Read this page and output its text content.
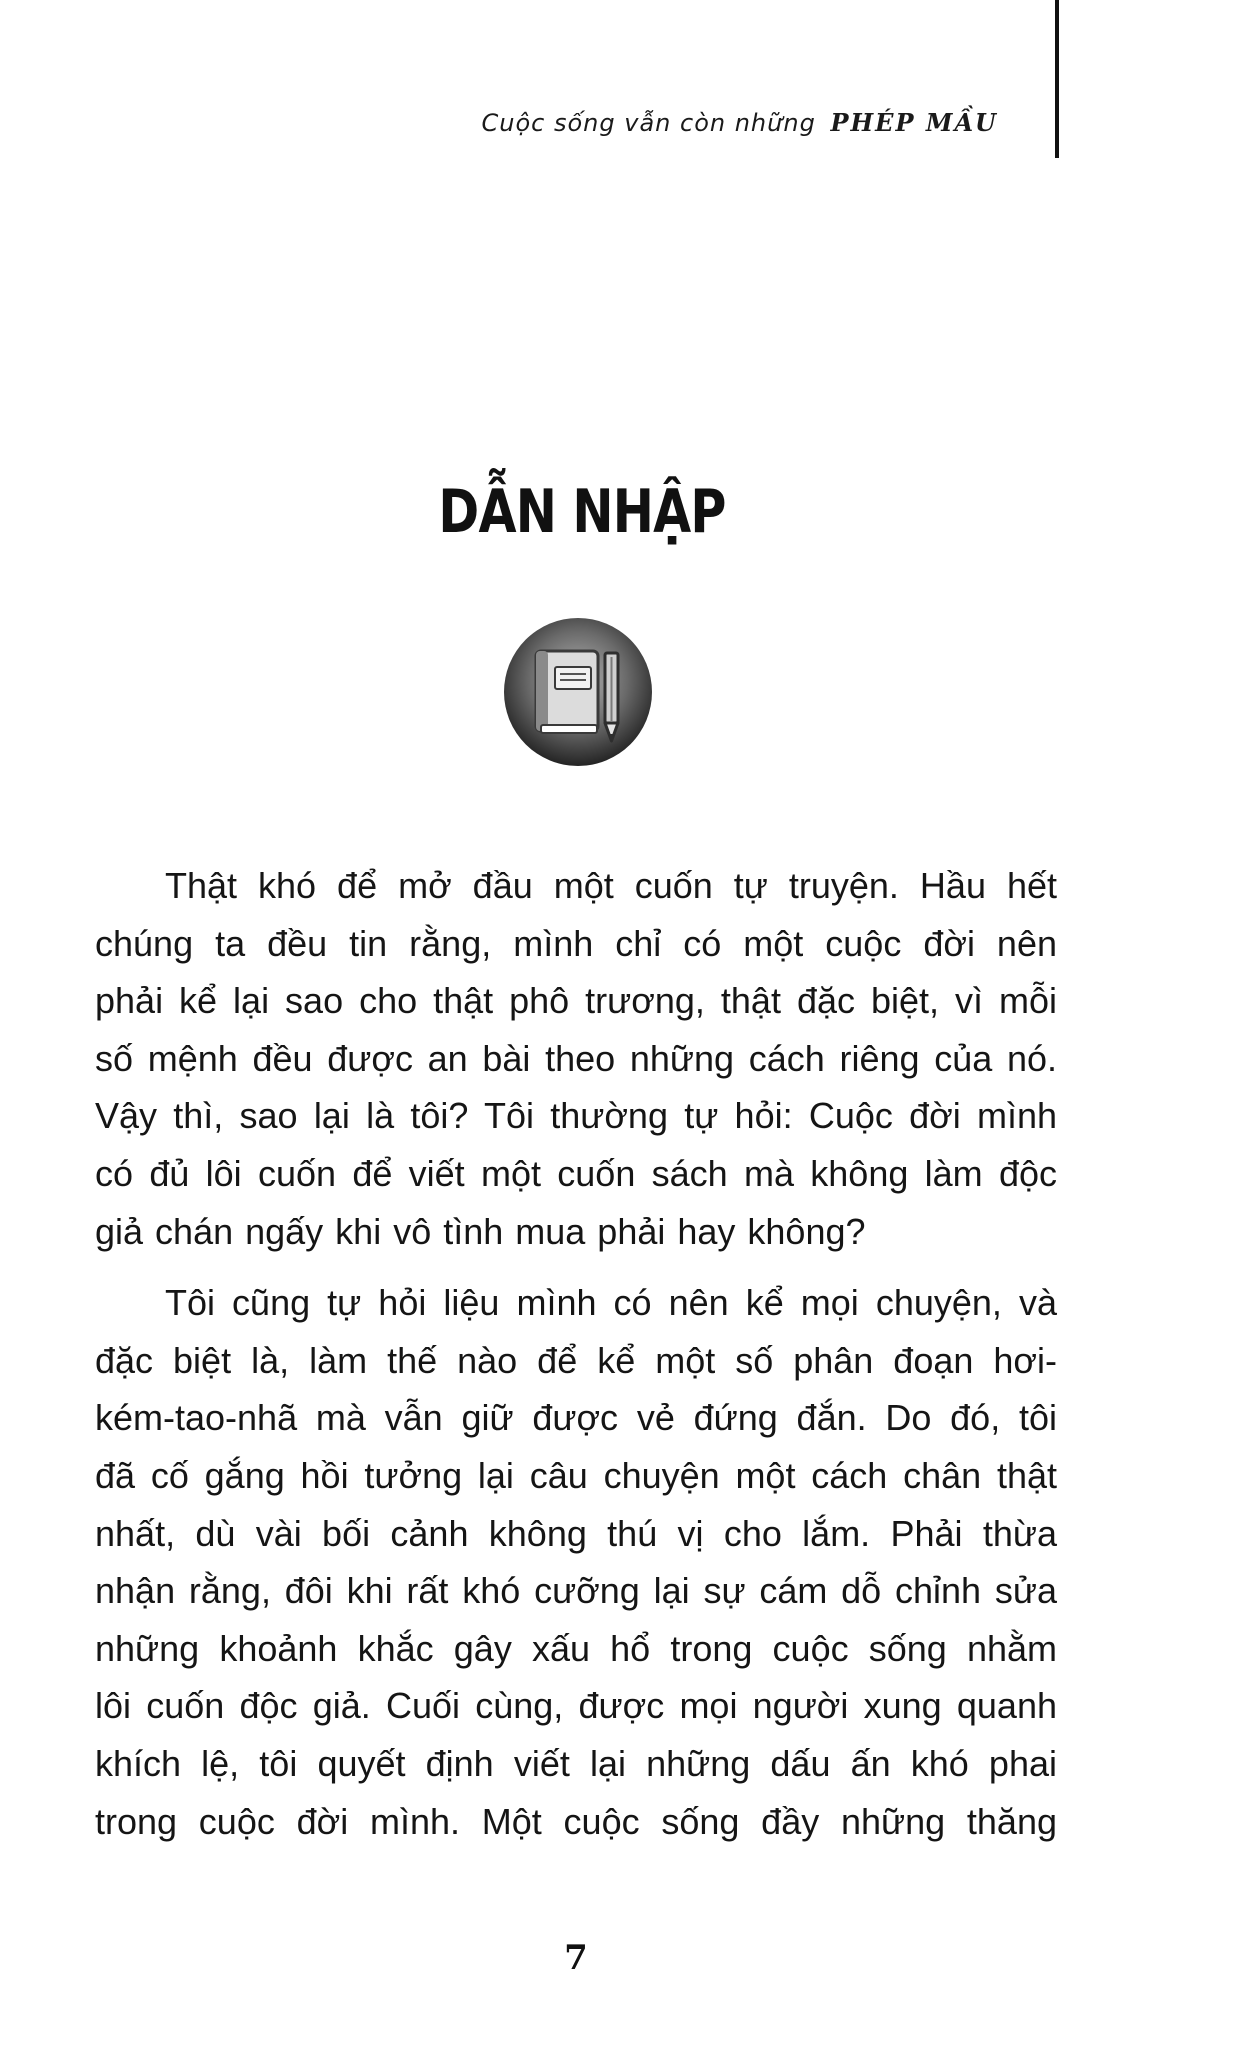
Cuộc sống vẫn còn những PHÉP MẦU
DẪN NHẬP
Thật khó để mở đầu một cuốn tự truyện. Hầu hết
chúng ta đều tin rằng, mình chỉ có một cuộc đời nên
phải kể lại sao cho thật phô trương, thật đặc biệt, vì mỗi
số mệnh đều được an bài theo những cách riêng của nó.
Vậy thì, sao lại là tôi? Tôi thường tự hỏi: Cuộc đời mình
có đủ lôi cuốn để viết một cuốn sách mà không làm độc
giả chán ngấy khi vô tình mua phải hay không?
Tôi cũng tự hỏi liệu mình có nên kể mọi chuyện, và
đặc biệt là, làm thế nào để kể một số phân đoạn hơi-
kém-tao-nhã mà vẫn giữ được vẻ đứng đắn. Do đó, tôi
đã cố gắng hồi tưởng lại câu chuyện một cách chân thật
nhất, dù vài bối cảnh không thú vị cho lắm. Phải thừa
nhận rằng, đôi khi rất khó cưỡng lại sự cám dỗ chỉnh sửa
những khoảnh khắc gây xấu hổ trong cuộc sống nhằm
lôi cuốn độc giả. Cuối cùng, được mọi người xung quanh
khích lệ, tôi quyết định viết lại những dấu ấn khó phai
trong cuộc đời mình. Một cuộc sống đầy những thăng
7
